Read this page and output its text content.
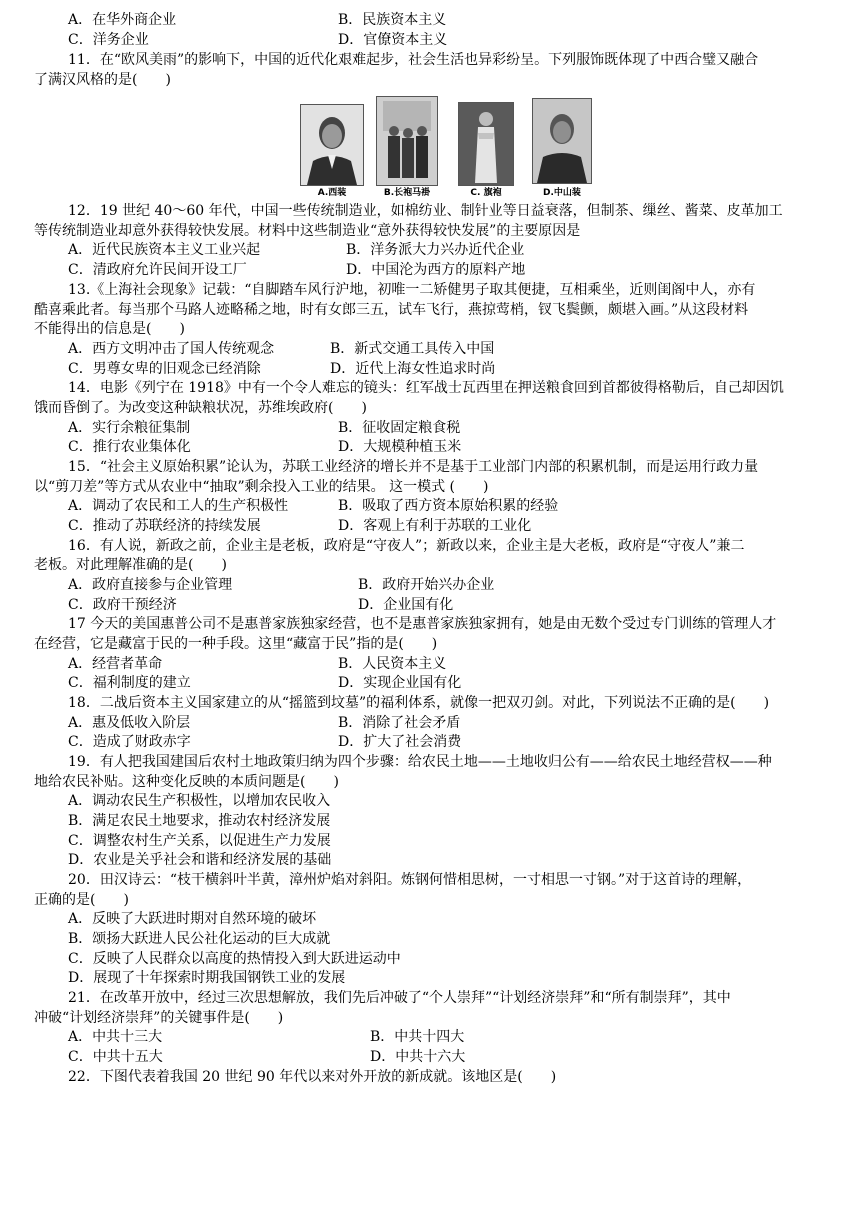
A．在华外商企业	B．民族资本主义
C．洋务企业	D．官僚资本主义
11．在“欧风美雨”的影响下，中国的近代化艰难起步，社会生活也异彩纷呈。下列服饰既体现了中西合璧又融合
了满汉风格的是(　　)
A.西装	B.长袍马褂	C. 旗袍	D.中山装
12．19 世纪 40～60 年代，中国一些传统制造业，如棉纺业、制针业等日益衰落，但制茶、缫丝、酱菜、皮革加工
等传统制造业却意外获得较快发展。材料中这些制造业“意外获得较快发展”的主要原因是
A．近代民族资本主义工业兴起	B．洋务派大力兴办近代企业
C．清政府允许民间开设工厂	D．中国沦为西方的原料产地
13.《上海社会现象》记载：“自脚踏车风行沪地，初唯一二矫健男子取其便捷，互相乘坐，近则闺阁中人，亦有
酷喜乘此者。每当那个马路人迹略稀之地，时有女郎三五，试车飞行，燕掠莺梢，钗飞鬓颤，颇堪入画。”从这段材料
不能得出的信息是(　　)
A．西方文明冲击了国人传统观念	B．新式交通工具传入中国
C．男尊女卑的旧观念已经消除	D．近代上海女性追求时尚
14．电影《列宁在 1918》中有一个令人难忘的镜头：红军战士瓦西里在押送粮食回到首都彼得格勒后，自己却因饥
饿而昏倒了。为改变这种缺粮状况，苏维埃政府(　　)
A．实行余粮征集制	B．征收固定粮食税
C．推行农业集体化	D．大规模种植玉米
15．“社会主义原始积累”论认为，苏联工业经济的增长并不是基于工业部门内部的积累机制，而是运用行政力量
以“剪刀差”等方式从农业中“抽取”剩余投入工业的结果。 这一模式 (　　)
A．调动了农民和工人的生产积极性	B．吸取了西方资本原始积累的经验
C．推动了苏联经济的持续发展	D．客观上有利于苏联的工业化
16．有人说，新政之前，企业主是老板，政府是“守夜人”；新政以来，企业主是大老板，政府是“守夜人”兼二
老板。对此理解准确的是(　　)
A．政府直接参与企业管理	B．政府开始兴办企业
C．政府干预经济	D．企业国有化
17 今天的美国惠普公司不是惠普家族独家经营，也不是惠普家族独家拥有，她是由无数个受过专门训练的管理人才
在经营，它是藏富于民的一种手段。这里“藏富于民”指的是(　　)
A．经营者革命	B．人民资本主义
C．福利制度的建立	D．实现企业国有化
18．二战后资本主义国家建立的从“摇篮到坟墓”的福利体系，就像一把双刃剑。对此，下列说法不正确的是(　　)
A．惠及低收入阶层	B．消除了社会矛盾
C．造成了财政赤字	D．扩大了社会消费
19．有人把我国建国后农村土地政策归纳为四个步骤：给农民土地——土地收归公有——给农民土地经营权——种
地给农民补贴。这种变化反映的本质问题是(　　)
A．调动农民生产积极性，以增加农民收入
B．满足农民土地要求，推动农村经济发展
C．调整农村生产关系，以促进生产力发展
D．农业是关乎社会和谐和经济发展的基础
20．田汉诗云：“枝干横斜叶半黄，漳州炉焰对斜阳。炼钢何惜相思树，一寸相思一寸钢。”对于这首诗的理解，
正确的是(　　)
A．反映了大跃进时期对自然环境的破坏
B．颂扬大跃进人民公社化运动的巨大成就
C．反映了人民群众以高度的热情投入到大跃进运动中
D．展现了十年探索时期我国钢铁工业的发展
21．在改革开放中，经过三次思想解放，我们先后冲破了“个人崇拜”“计划经济崇拜”和“所有制崇拜”，其中
冲破“计划经济崇拜”的关键事件是(　　)
A．中共十三大	B．中共十四大
C．中共十五大	D．中共十六大
22．下图代表着我国 20 世纪 90 年代以来对外开放的新成就。该地区是(　　)
